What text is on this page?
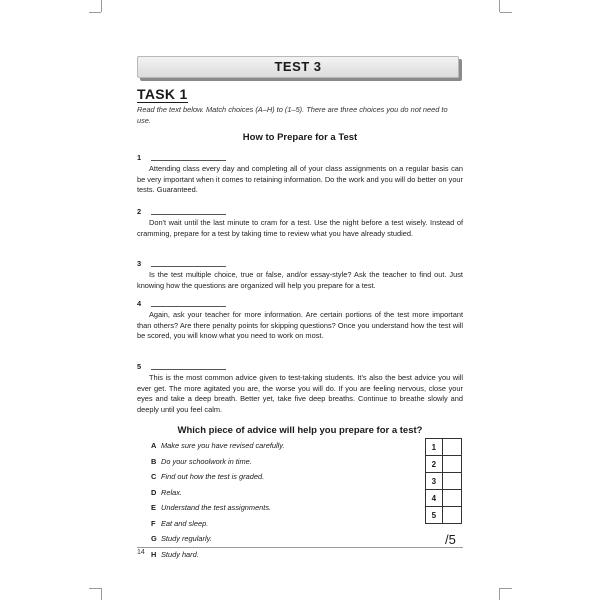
TEST 3
TASK 1
Read the text below. Match choices (A–H) to (1–5). There are three choices you do not need to use.
How to Prepare for a Test
1
Attending class every day and completing all of your class assignments on a regular basis can be very important when it comes to retaining information. Do the work and you will do better on your tests. Guaranteed.
2
Don't wait until the last minute to cram for a test. Use the night before a test wisely. Instead of cramming, prepare for a test by taking time to review what you have already studied.
3
Is the test multiple choice, true or false, and/or essay-style? Ask the teacher to find out. Just knowing how the questions are organized will help you prepare for a test.
4
Again, ask your teacher for more information. Are certain portions of the test more important than others? Are there penalty points for skipping questions? Once you understand how the test will be scored, you will know what you need to work on most.
5
This is the most common advice given to test-taking students. It's also the best advice you will ever get. The more agitated you are, the worse you will do. If you are feeling nervous, close your eyes and take a deep breath. Better yet, take five deep breaths. Continue to breathe slowly and deeply until you feel calm.
Which piece of advice will help you prepare for a test?
A Make sure you have revised carefully.
B Do your schoolwork in time.
C Find out how the test is graded.
D Relax.
E Understand the test assignments.
F Eat and sleep.
G Study regularly.
H Study hard.
1	
2	
3	
4	
5	
/5
14
